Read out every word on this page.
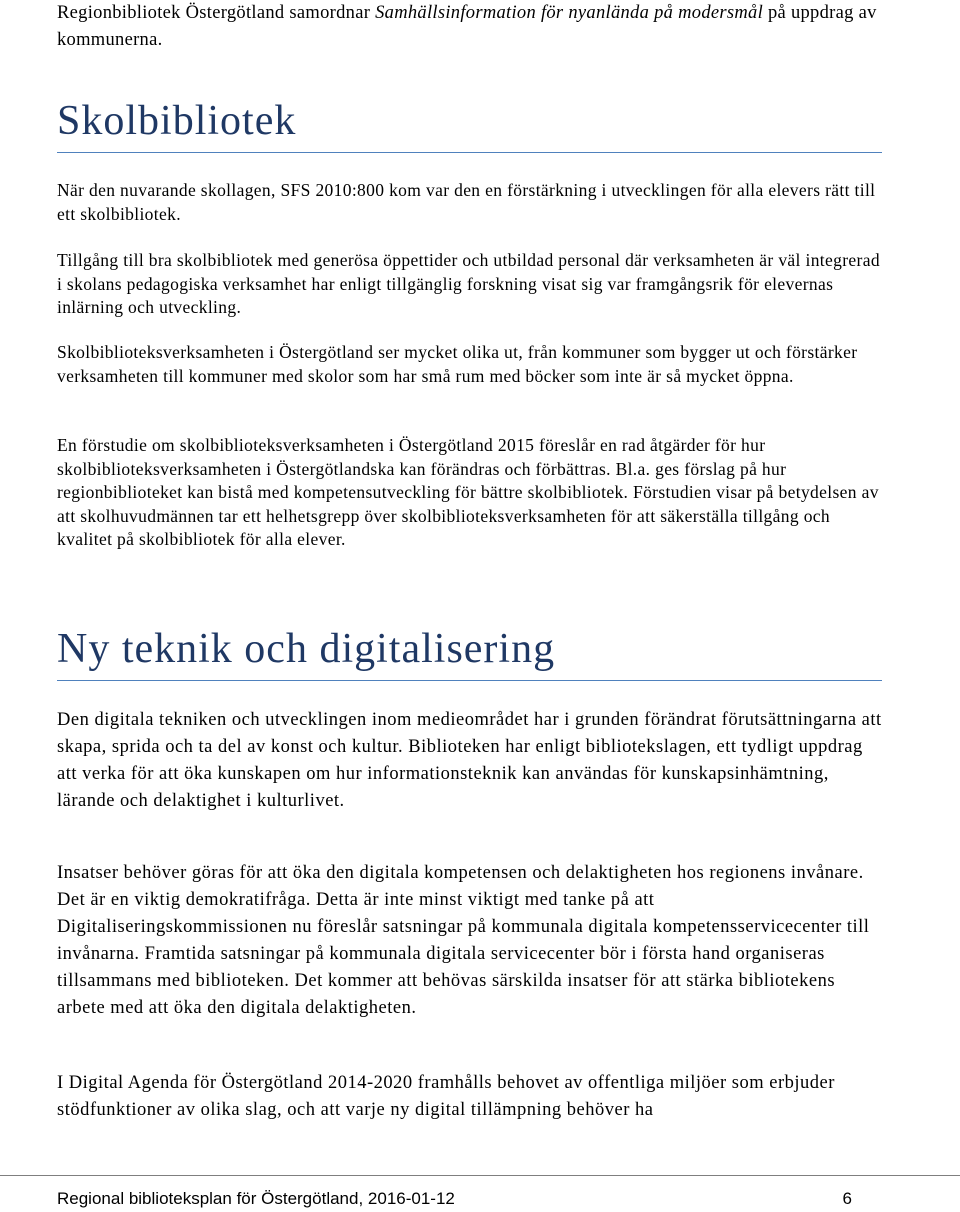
Regionbibliotek Östergötland samordnar Samhällsinformation för nyanlända på modersmål på uppdrag av kommunerna.
Skolbibliotek

När den nuvarande skollagen, SFS 2010:800 kom var den en förstärkning i utvecklingen för alla elevers rätt till ett skolbibliotek.

Tillgång till bra skolbibliotek med generösa öppettider och utbildad personal där verksamheten är väl integrerad i skolans pedagogiska verksamhet har enligt tillgänglig forskning visat sig var framgångsrik för elevernas inlärning och utveckling.

Skolbiblioteksverksamheten i Östergötland ser mycket olika ut, från kommuner som bygger ut och förstärker verksamheten till kommuner med skolor som har små rum med böcker som inte är så mycket öppna.

En förstudie om skolbiblioteksverksamheten i Östergötland 2015 föreslår en rad åtgärder för hur skolbiblioteksverksamheten i Östergötlandska kan förändras och förbättras. Bl.a. ges förslag på hur regionbiblioteket kan bistå med kompetensutveckling för bättre skolbibliotek. Förstudien visar på betydelsen av att skolhuvudmännen tar ett helhetsgrepp över skolbiblioteksverksamheten för att säkerställa tillgång och kvalitet på skolbibliotek för alla elever.

Ny teknik och digitalisering

Den digitala tekniken och utvecklingen inom medieområdet har i grunden förändrat förutsättningarna att skapa, sprida och ta del av konst och kultur. Biblioteken har enligt bibliotekslagen, ett tydligt uppdrag att verka för att öka kunskapen om hur informationsteknik kan användas för kunskapsinhämtning, lärande och delaktighet i kulturlivet.

Insatser behöver göras för att öka den digitala kompetensen och delaktigheten hos regionens invånare. Det är en viktig demokratifråga. Detta är inte minst viktigt med tanke på att Digitaliseringskommissionen nu föreslår satsningar på kommunala digitala kompetensservicecenter till invånarna. Framtida satsningar på kommunala digitala servicecenter bör i första hand organiseras tillsammans med biblioteken. Det kommer att behövas särskilda insatser för att stärka bibliotekens arbete med att öka den digitala delaktigheten.

I Digital Agenda för Östergötland 2014-2020 framhålls behovet av offentliga miljöer som erbjuder stödfunktioner av olika slag, och att varje ny digital tillämpning behöver ha

Regional biblioteksplan för Östergötland, 2016-01-12	6
